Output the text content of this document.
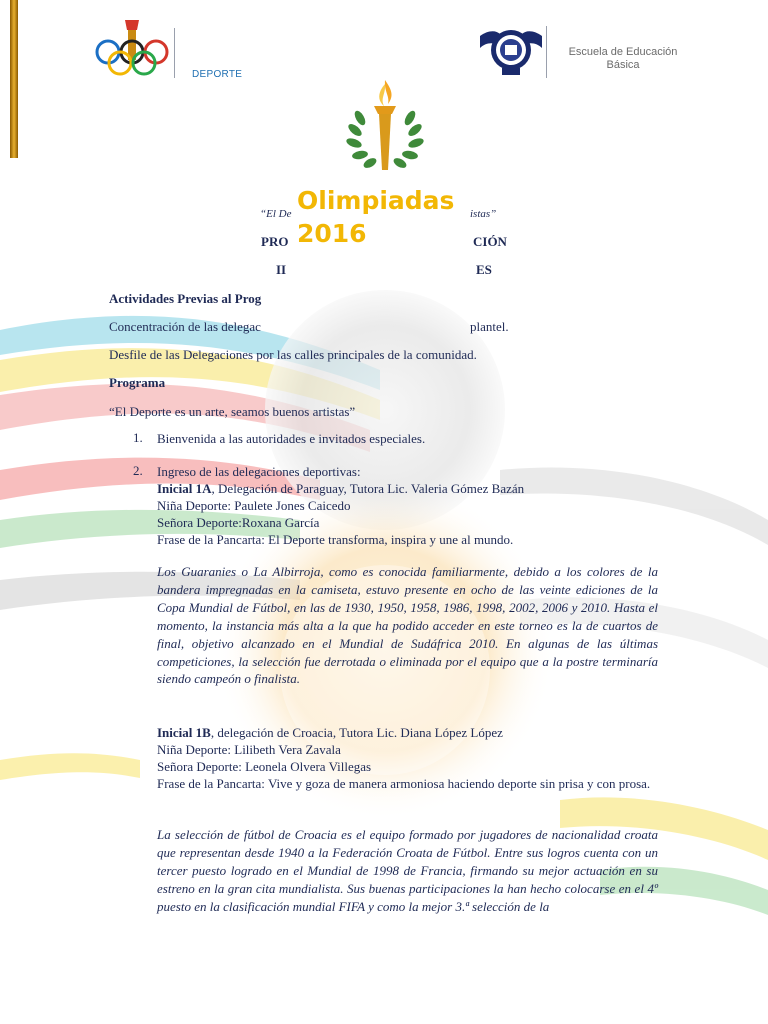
DEPORTE
Escuela de Educación Básica
Olimpiadas 2016
“El De	istas”
PRO	CIÓN
II	ES
Actividades Previas al Prog
Concentración de las delegac	plantel.
Desfile de las Delegaciones por las calles principales de la comunidad.
Programa
“El Deporte es un arte, seamos buenos artistas”
1. Bienvenida a las autoridades e invitados especiales.
2. Ingreso de las delegaciones deportivas:
Inicial 1A, Delegación de Paraguay, Tutora Lic. Valeria Gómez Bazán
Niña Deporte: Paulete Jones Caicedo
Señora Deporte:Roxana García
Frase de la Pancarta: El Deporte transforma, inspira y une al mundo.
Los Guaranies o La Albirroja, como es conocida familiarmente, debido a los colores de la bandera impregnadas en la camiseta, estuvo presente en ocho de las veinte ediciones de la Copa Mundial de Fútbol, en las de 1930, 1950, 1958, 1986, 1998, 2002, 2006 y 2010. Hasta el momento, la instancia más alta a la que ha podido acceder en este torneo es la de cuartos de final, objetivo alcanzado en el Mundial de Sudáfrica 2010. En algunas de las últimas competiciones, la selección fue derrotada o eliminada por el equipo que a la postre terminaría siendo campeón o finalista.
Inicial 1B, delegación de Croacia, Tutora Lic. Diana López López
Niña Deporte: Lilibeth Vera Zavala
Señora Deporte: Leonela Olvera Villegas
Frase de la Pancarta: Vive y goza de manera armoniosa haciendo deporte sin prisa y con prosa.
La selección de fútbol de Croacia es el equipo formado por jugadores de nacionalidad croata que representan desde 1940 a la Federación Croata de Fútbol. Entre sus logros cuenta con un tercer puesto logrado en el Mundial de 1998 de Francia, firmando su mejor actuación en su estreno en la gran cita mundialista. Sus buenas participaciones la han hecho colocarse en el 4º puesto en la clasificación mundial FIFA y como la mejor 3.ª selección de la
